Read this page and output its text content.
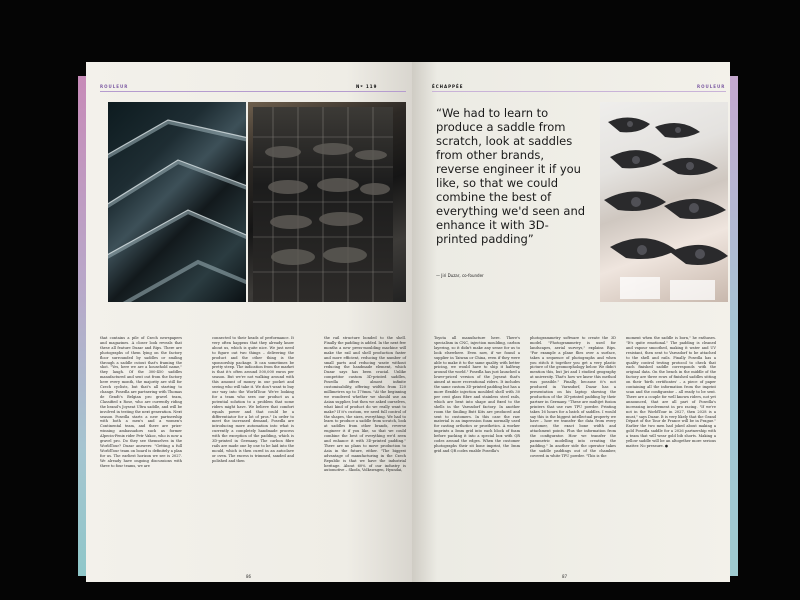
ROULEUR	Nº 119
that contains a pile of Czech newspapers and magazines. A closer look reveals that these all feature Duzar and Rips. There are photographs of them lying on the factory floor surrounded by saddles or smiling through a saddle cutout that's framing the shot. "Yes, here we are a household name," they laugh. Of the 300-450 saddles manufactured and sent out from the factory here every month, the majority are still for Czech cyclists, but that's all starting to change. Posedla are partnering with Thomas de Gendt's Belgian pro gravel team, Classified x Rose, who are currently riding the brand's Joyseat Ultra saddle, and will be involved in testing the next generation. Next season Posedla starts a new partnership with both a men's and a women's Continental team, and there are prize-winning ambassadors such as former Alpecin-Fenix rider Petr Vakoc, who is now a gravel pro. Do they see themselves in the WorldTour? Duzar answers: "Getting a full WorldTour team on board is definitely a plan for us. The earliest horizon we see is 2027. We already have ongoing discussions with three to four teams, we are
connected to their heads of performance. It very often happens that they already know about us, which is quite nice. We just need to figure out two things – delivering the product and the other thing is the sponsorship package. It can sometimes be pretty steep. The indication from the market is that it's often around 500,000 euros per season. But we're not walking around with this amount of money in our pocket and seeing who will take it. We don't want to buy our way into the WorldTour. We're looking for a team who sees our product as a potential solution to a problem that some riders might have. We believe that comfort equals power and that could be a differentiator for a lot of pros." In order to meet the increased demand, Posedla are introducing more automation into what is currently a completely handmade process with the exception of the padding, which is 3D-printed in Germany. The carbon fibre rails are made one by one to be laid into the mould, which is then cured in an autoclave or oven. The excess is trimmed, sanded and polished and then
the rail structure bonded to the shell. Finally the padding is added. In the next few months a new press-moulding machine will make the rail and shell production faster and more efficient, reducing the number of small parts and reducing waste without reducing the handmade element, which Duzar says has been crucial. Unlike competitor custom 3D-printed saddles, Posedla offers almost infinite customisability, offering widths from 120 millimetres up to 170mm. "At the beginning we wondered whether we should use an Asian supplier, but then we asked ourselves, what kind of product do we really want to make? If it's custom, we need full control of the shapes, the sizes, everything. We had to learn to produce a saddle from scratch, look at saddles from other brands, reverse engineer it if you like, so that we could combine the best of everything we'd seen and enhance it with 3D-printed padding." There are no plans to move production to Asia in the future, either. "The biggest advantage of manufacturing in the Czech Republic is that we have the industrial heritage. About 60% of our industry is automotive – Skoda, Volkswagen, Hyundai,
86
ÉCHAPPÉE	ROULEUR
“We had to learn to produce a saddle from scratch, look at saddles from other brands, reverse engineer it if you like, so that we could combine the best of everything we'd seen and enhance it with 3D-printed padding”
— Jiri Duzar, co-founder
Toyota all manufacture here. There's specialism in CNC, injection moulding, carbon layering, so it didn't make any sense for us to look elsewhere. Even now, if we found a supplier in Taiwan or China, even if they were able to make it to the same quality with better pricing, we would have to ship it halfway around the world." Posedla has just launched a lower-priced version of the Joyseat that's aimed at more recreational riders. It includes the same custom 3D-printed padding but has a more flexible injection moulded shell with 30 per cent glass fibre and stainless steel rails, which are bent into shape and fixed to the shells in the Varnsdorf factory. In another room the Smiling Butt Kits are produced and sent to customers. In this case the raw material is an impression foam normally used for casting orthotics or prosthetics. A worker imprints a 5mm grid into each block of foam before packing it into a special box with QR codes around the edges. When the customer photographs their sit bone imprint, the 5mm grid and QR codes enable Posedla's
photogrammetry software to create the 3D model. "Photogrammetry is used for landscapes, aerial surveys," explains Rips. "For example a plane flies over a surface, takes a sequence of photographs and when you stitch it together you get a very plastic picture of the geomorphology below. We didn't mention this, but Jiri and I studied geography at university. That's how we knew this method was possible." Finally, because it's not produced in Varnsdorf, Duzar has a presentation on his laptop showing the production of the 3D-printed padding by their partner in Germany. "These are multijet fusion printers that use raw TPU powder. Printing takes 16 hours for a batch of saddles. I would say this is the biggest intellectual property we have – how we transfer the data from every customer, the exact bone width and attachment points. Plus the information from the configurator. How we transfer the parametric modelling into creating the padding." In another side the operator takes the saddle paddings out of the chamber, covered in white TPU powder. "This is the
moment when the saddle is born," he enthuses. "It's quite emotional." The padding is cleaned and vapour smoothed, making it water and UV resistant, then sent to Varnsdorf to be attached to the shell and rails. Finally Posedla has a quality control testing protocol to check that each finished saddle corresponds with the original data. On the bench in the middle of the factory are three rows of finished saddles sitting on their 'birth certificates' – a piece of paper containing all the information from the imprint scan and the configurator – all ready to be sent. There are a couple for well known riders, not yet announced, that are all part of Posedla's increasing involvement in pro racing. "If we're not in the WorldTour in 2027, then 2028 is a must," says Duzar. It is very likely that the Grand Départ of the Tour de France will be in Prague." Earlier the two men had joked about making a gold Posedla saddle for a 2026 partnership with a team that will wear gold bib shorts. Making a yellow saddle will be an altogether more serious matter. No pressure. ●
87
